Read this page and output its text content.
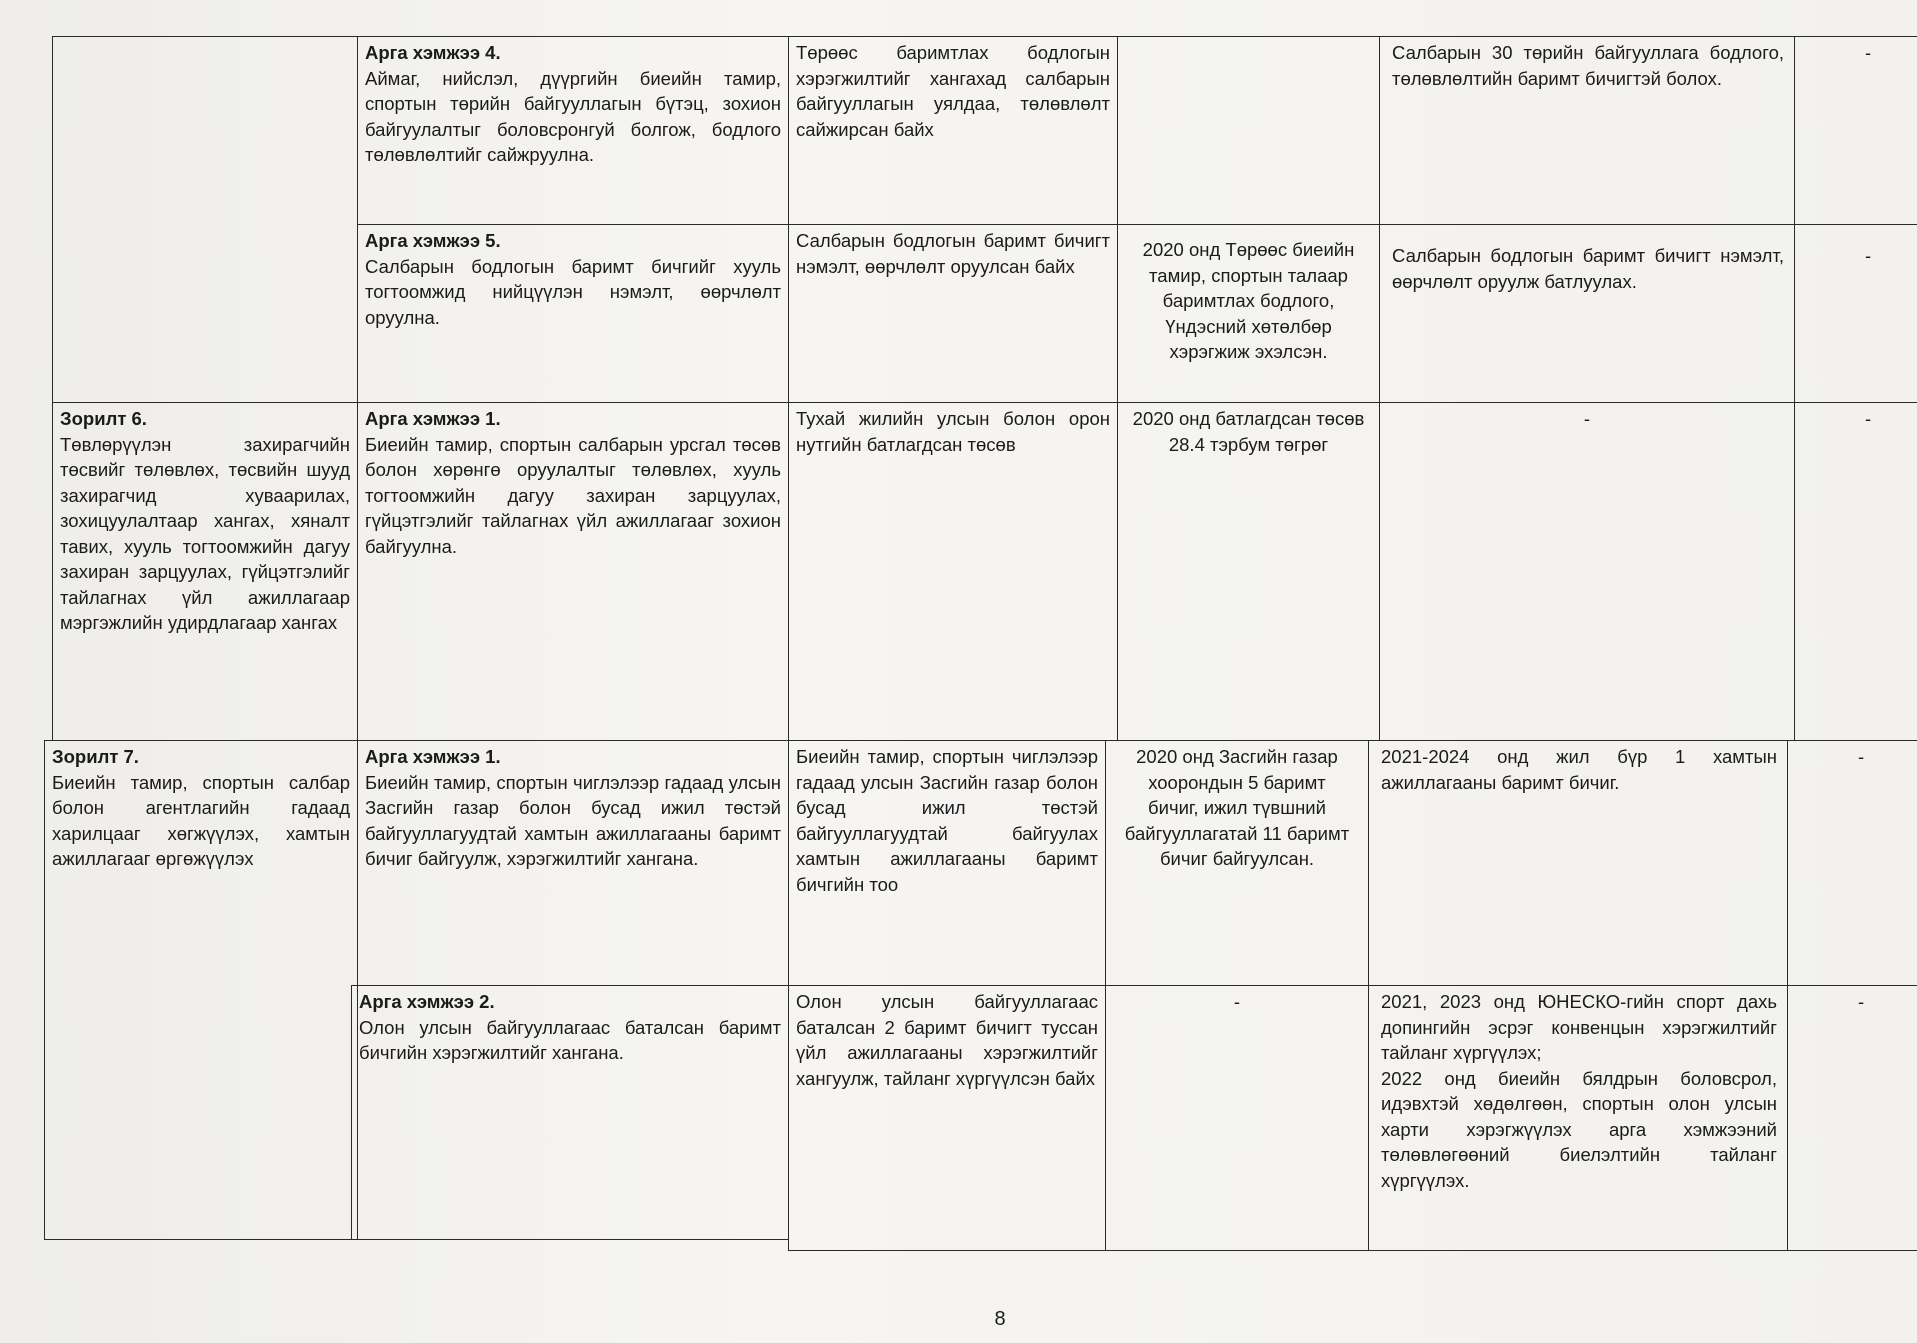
Арга хэмжээ 4.
Аймаг, нийслэл, дүүргийн биеийн тамир, спортын төрийн байгууллагын бүтэц, зохион байгуулалтыг боловсронгуй болгож, бодлого төлөвлөлтийг сайжруулна.
Төрөөс баримтлах бодлогын хэрэгжилтийг хангахад салбарын байгууллагын уялдаа, төлөвлөлт сайжирсан байх
Салбарын 30 төрийн байгууллага бодлого, төлөвлөлтийн баримт бичигтэй болох.
-
Арга хэмжээ 5.
Салбарын бодлогын баримт бичгийг хууль тогтоомжид нийцүүлэн нэмэлт, өөрчлөлт оруулна.
Салбарын бодлогын баримт бичигт нэмэлт, өөрчлөлт оруулсан байх
2020 онд Төрөөс биеийн тамир, спортын талаар баримтлах бодлого, Үндэсний хөтөлбөр хэрэгжиж эхэлсэн.
Салбарын бодлогын баримт бичигт нэмэлт, өөрчлөлт оруулж батлуулах.
-
Зорилт 6.
Төвлөрүүлэн захирагчийн төсвийг төлөвлөх, төсвийн шууд захирагчид хуваарилах, зохицуулалтаар хангах, хяналт тавих, хууль тогтоомжийн дагуу захиран зарцуулах, гүйцэтгэлийг тайлагнах үйл ажиллагаар мэргэжлийн удирдлагаар хангах
Арга хэмжээ 1.
Биеийн тамир, спортын салбарын урсгал төсөв болон хөрөнгө оруулалтыг төлөвлөх, хууль тогтоомжийн дагуу захиран зарцуулах, гүйцэтгэлийг тайлагнах үйл ажиллагааг зохион байгуулна.
Тухай жилийн улсын болон орон нутгийн батлагдсан төсөв
2020 онд батлагдсан төсөв 28.4 тэрбум төгрөг
-	-
Зорилт 7.
Биеийн тамир, спортын салбар болон агентлагийн гадаад харилцааг хөгжүүлэх, хамтын ажиллагааг өргөжүүлэх
Арга хэмжээ 1.
Биеийн тамир, спортын чиглэлээр гадаад улсын Засгийн газар болон бусад ижил төстэй байгууллагуудтай хамтын ажиллагааны баримт бичиг байгуулж, хэрэгжилтийг хангана.
Биеийн тамир, спортын чиглэлээр гадаад улсын Засгийн газар болон бусад ижил төстэй байгууллагуудтай байгуулах хамтын ажиллагааны баримт бичгийн тоо
2020 онд Засгийн газар хоорондын 5 баримт бичиг, ижил түвшний байгууллагатай 11 баримт бичиг байгуулсан.
2021-2024 онд жил бүр 1 хамтын ажиллагааны баримт бичиг.
-
Арга хэмжээ 2.
Олон улсын байгууллагаас баталсан баримт бичгийн хэрэгжилтийг хангана.
Олон улсын байгууллагаас баталсан 2 баримт бичигт туссан үйл ажиллагааны хэрэгжилтийг хангуулж, тайланг хүргүүлсэн байх
-	2021, 2023 онд ЮНЕСКО-гийн спорт дахь допингийн эсрэг конвенцын хэрэгжилтийг тайланг хүргүүлэх;
2022 онд биеийн бялдрын боловсрол, идэвхтэй хөдөлгөөн, спортын олон улсын харти хэрэгжүүлэх арга хэмжээний төлөвлөгөөний биелэлтийн тайланг хүргүүлэх.
-
8
